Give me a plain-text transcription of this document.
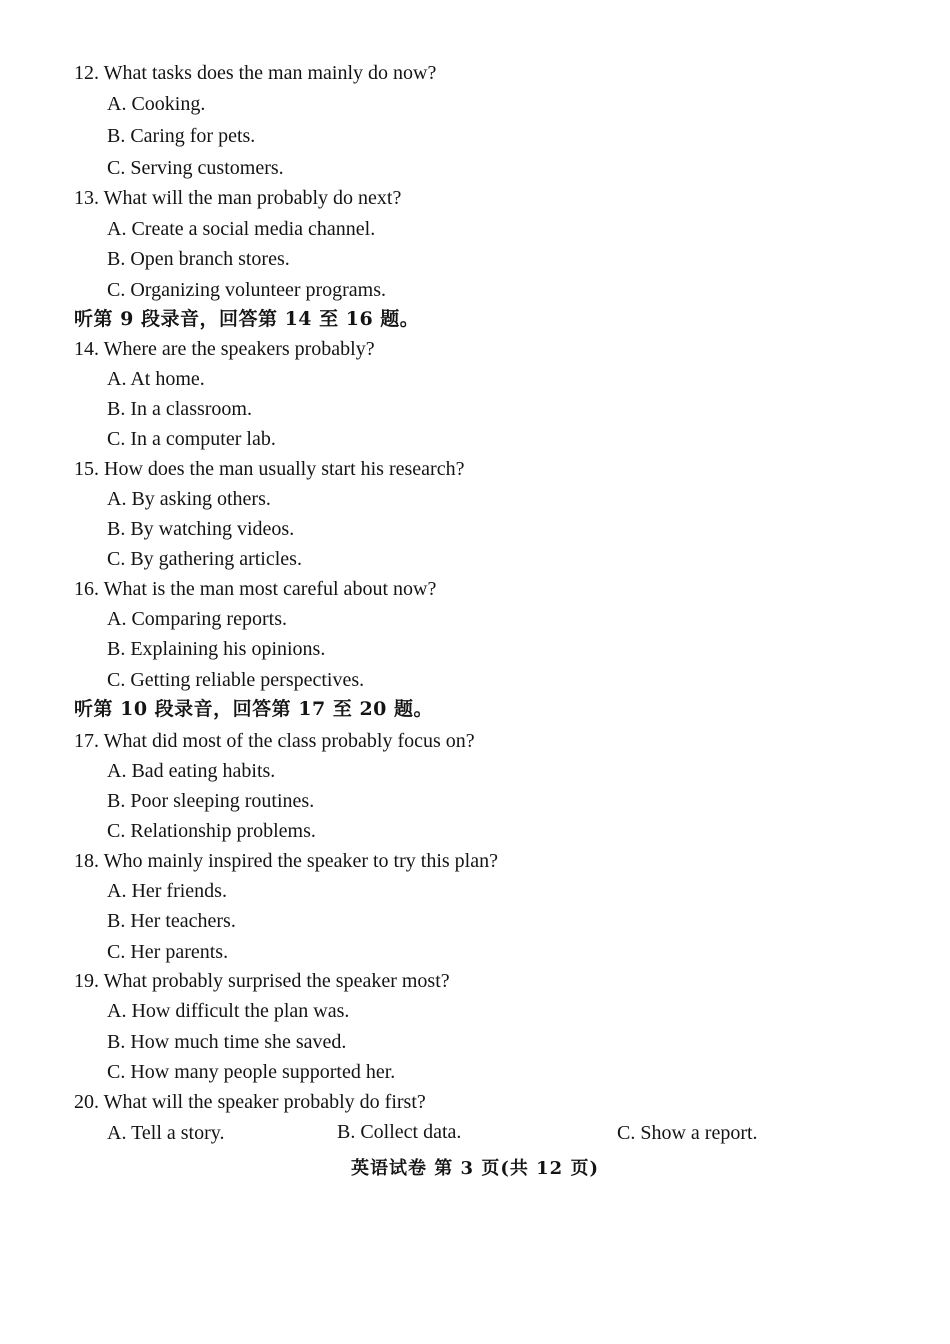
12. What tasks does the man mainly do now?
A. Cooking.
B. Caring for pets.
C. Serving customers.
13. What will the man probably do next?
A. Create a social media channel.
B. Open branch stores.
C. Organizing volunteer programs.
听第 9 段录音，回答第 14 至 16 题。
14. Where are the speakers probably?
A. At home.
B. In a classroom.
C. In a computer lab.
15. How does the man usually start his research?
A. By asking others.
B. By watching videos.
C. By gathering articles.
16. What is the man most careful about now?
A. Comparing reports.
B. Explaining his opinions.
C. Getting reliable perspectives.
听第 10 段录音，回答第 17 至 20 题。
17. What did most of the class probably focus on?
A. Bad eating habits.
B. Poor sleeping routines.
C. Relationship problems.
18. Who mainly inspired the speaker to try this plan?
A. Her friends.
B. Her teachers.
C. Her parents.
19. What probably surprised the speaker most?
A. How difficult the plan was.
B. How much time she saved.
C. How many people supported her.
20. What will the speaker probably do first?
A. Tell a story.	B. Collect data.	C. Show a report.
英语试卷 第 3 页(共 12 页)
